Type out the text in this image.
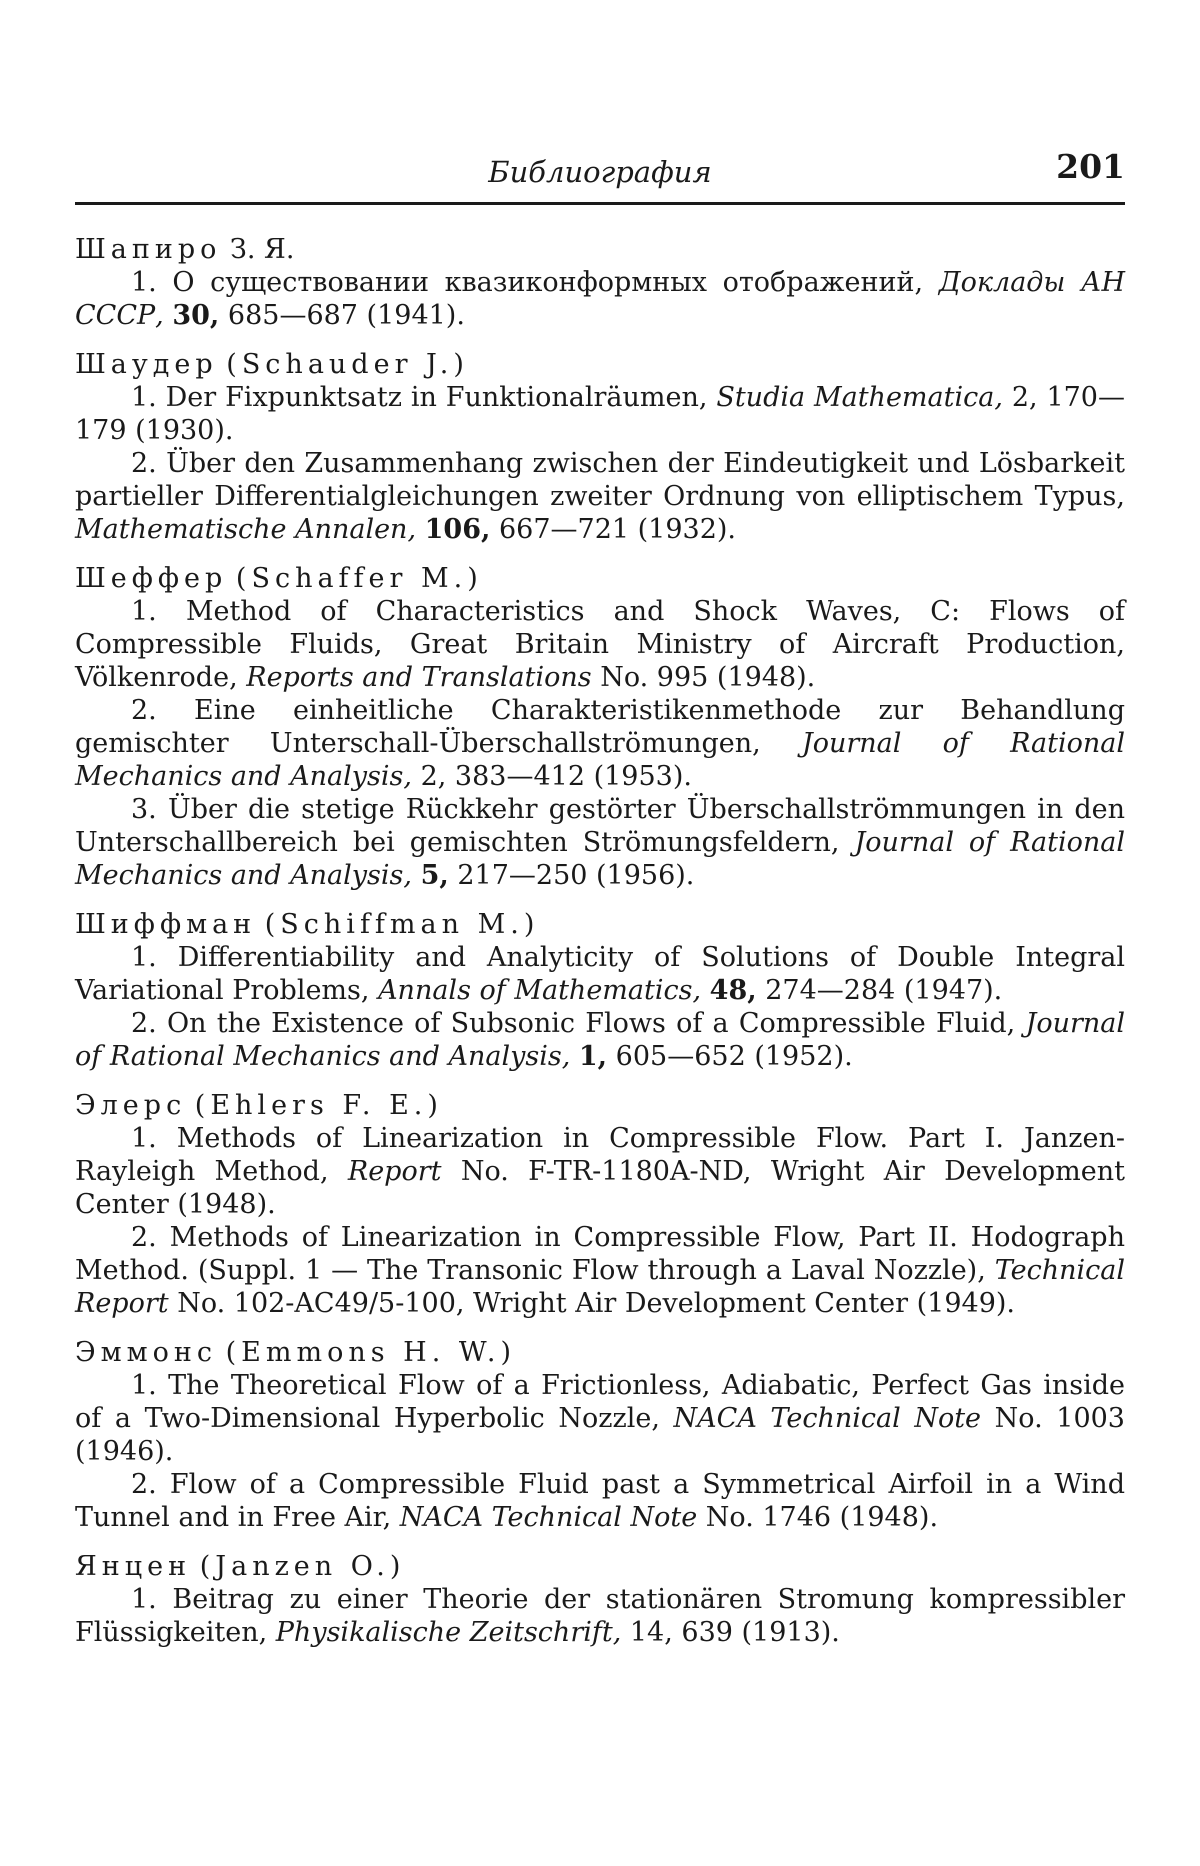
Библиография	201
Шапиро З. Я.

1. О существовании квазиконформных отображений, Доклады АН СССР, 30, 685—687 (1941).

Шаудер (Schauder J.)

1. Der Fixpunktsatz in Funktionalräumen, Studia Mathematica, 2, 170—179 (1930).

2. Über den Zusammenhang zwischen der Eindeutigkeit und Lösbarkeit partieller Differentialgleichungen zweiter Ordnung von elliptischem Typus, Mathematische Annalen, 106, 667—721 (1932).

Шеффер (Schaffer M.)

1. Method of Characteristics and Shock Waves, C: Flows of Compressible Fluids, Great Britain Ministry of Aircraft Production, Völkenrode, Reports and Translations No. 995 (1948).

2. Eine einheitliche Charakteristikenmethode zur Behandlung gemischter Unterschall-Überschallströmungen, Journal of Rational Mechanics and Analysis, 2, 383—412 (1953).

3. Über die stetige Rückkehr gestörter Überschallströmmungen in den Unterschallbereich bei gemischten Strömungsfeldern, Journal of Rational Mechanics and Analysis, 5, 217—250 (1956).

Шиффман (Schiffman M.)

1. Differentiability and Analyticity of Solutions of Double Integral Variational Problems, Annals of Mathematics, 48, 274—284 (1947).

2. On the Existence of Subsonic Flows of a Compressible Fluid, Journal of Rational Mechanics and Analysis, 1, 605—652 (1952).

Элерс (Ehlers F. E.)

1. Methods of Linearization in Compressible Flow. Part I. Janzen-Rayleigh Method, Report No. F-TR-1180A-ND, Wright Air Development Center (1948).

2. Methods of Linearization in Compressible Flow, Part II. Hodograph Method. (Suppl. 1 — The Transonic Flow through a Laval Nozzle), Technical Report No. 102-AC49/5-100, Wright Air Development Center (1949).

Эммонс (Emmons H. W.)

1. The Theoretical Flow of a Frictionless, Adiabatic, Perfect Gas inside of a Two-Dimensional Hyperbolic Nozzle, NACA Technical Note No. 1003 (1946).

2. Flow of a Compressible Fluid past a Symmetrical Airfoil in a Wind Tunnel and in Free Air, NACA Technical Note No. 1746 (1948).

Янцен (Janzen O.)

1. Beitrag zu einer Theorie der stationären Stromung kompressibler Flüssigkeiten, Physikalische Zeitschrift, 14, 639 (1913).
